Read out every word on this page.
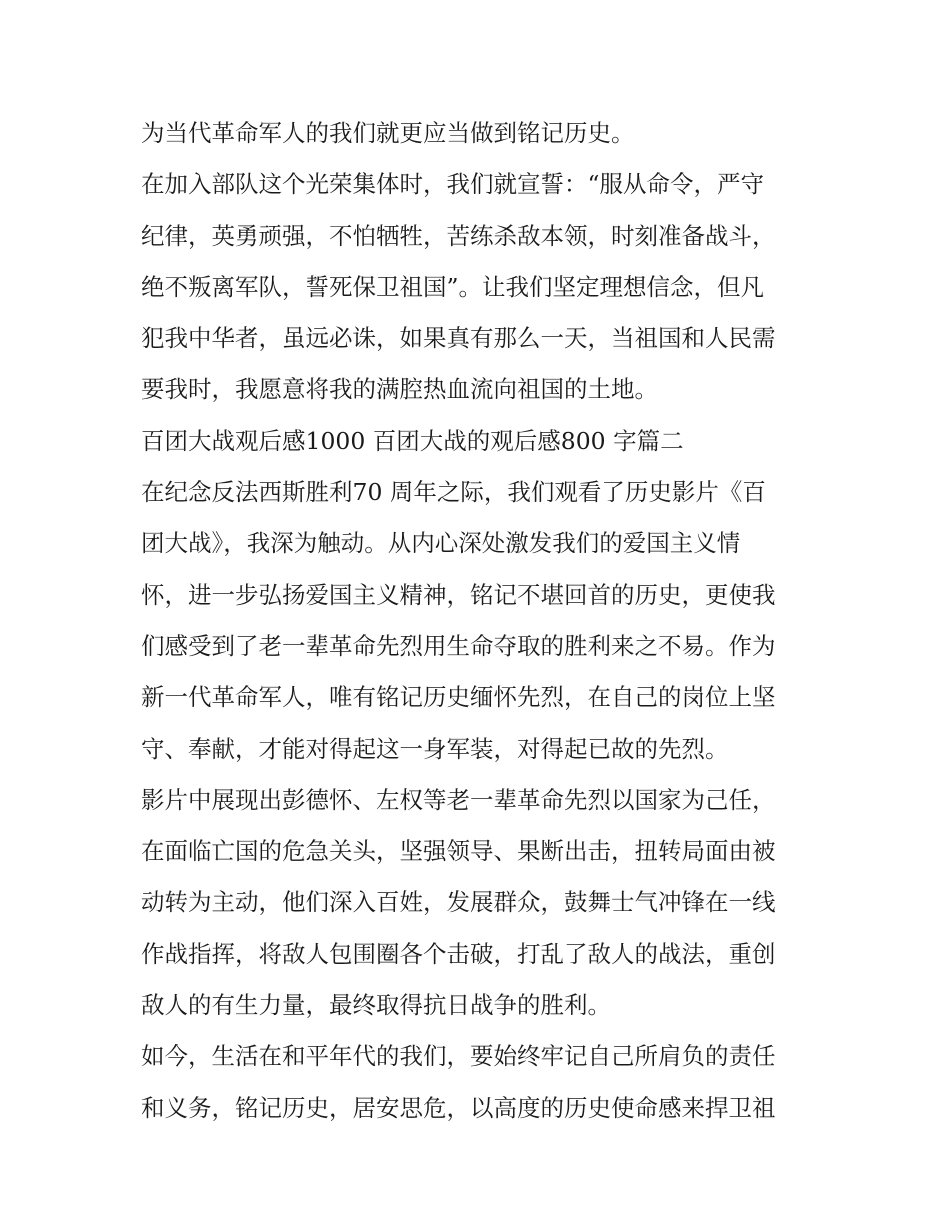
为当代革命军人的我们就更应当做到铭记历史。
在加入部队这个光荣集体时，我们就宣誓：“服从命令，严守
纪律，英勇顽强，不怕牺牲，苦练杀敌本领，时刻准备战斗，
绝不叛离军队，誓死保卫祖国”。让我们坚定理想信念，但凡
犯我中华者，虽远必诛，如果真有那么一天，当祖国和人民需
要我时，我愿意将我的满腔热血流向祖国的土地。
百团大战观后感1000 百团大战的观后感800 字篇二
在纪念反法西斯胜利70 周年之际，我们观看了历史影片《百
团大战》，我深为触动。从内心深处激发我们的爱国主义情
怀，进一步弘扬爱国主义精神，铭记不堪回首的历史，更使我
们感受到了老一辈革命先烈用生命夺取的胜利来之不易。作为
新一代革命军人，唯有铭记历史缅怀先烈，在自己的岗位上坚
守、奉献，才能对得起这一身军装，对得起已故的先烈。
影片中展现出彭德怀、左权等老一辈革命先烈以国家为己任，
在面临亡国的危急关头，坚强领导、果断出击，扭转局面由被
动转为主动，他们深入百姓，发展群众，鼓舞士气冲锋在一线
作战指挥，将敌人包围圈各个击破，打乱了敌人的战法，重创
敌人的有生力量，最终取得抗日战争的胜利。
如今，生活在和平年代的我们，要始终牢记自己所肩负的责任
和义务，铭记历史，居安思危，以高度的历史使命感来捍卫祖
